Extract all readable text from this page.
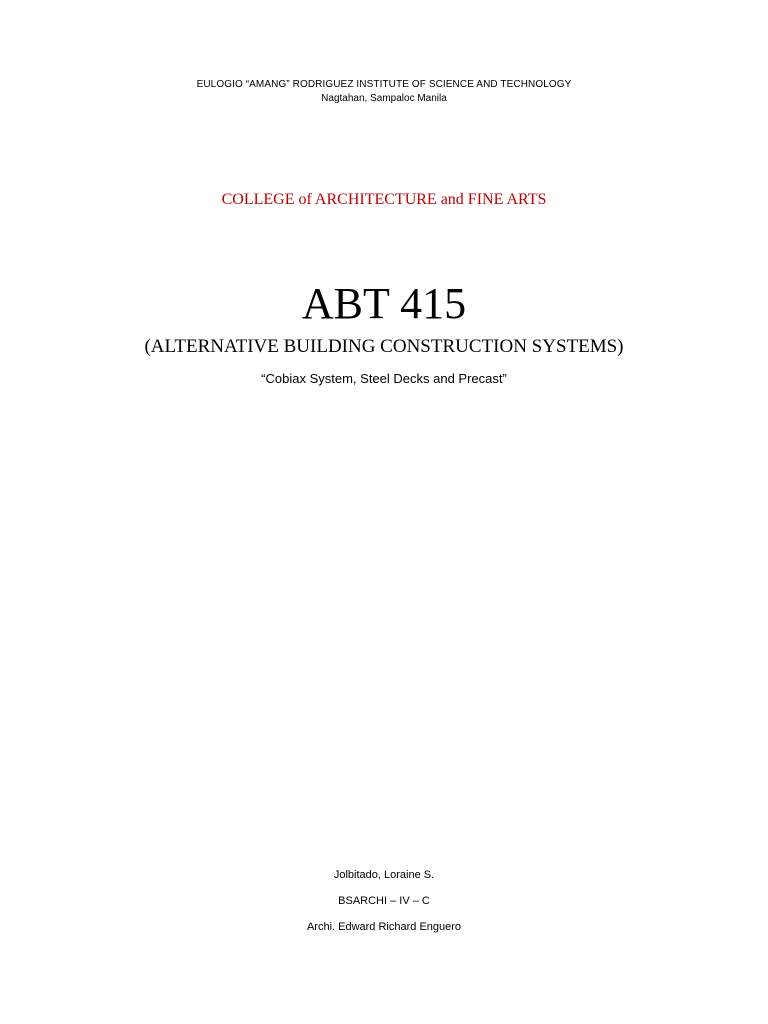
EULOGIO “AMANG” RODRIGUEZ INSTITUTE OF SCIENCE AND TECHNOLOGY
Nagtahan, Sampaloc Manila
COLLEGE of ARCHITECTURE and FINE ARTS
ABT 415
(ALTERNATIVE BUILDING CONSTRUCTION SYSTEMS)
“Cobiax System, Steel Decks and Precast”
Jolbitado, Loraine S.
BSARCHI – IV – C
Archi. Edward Richard Enguero
